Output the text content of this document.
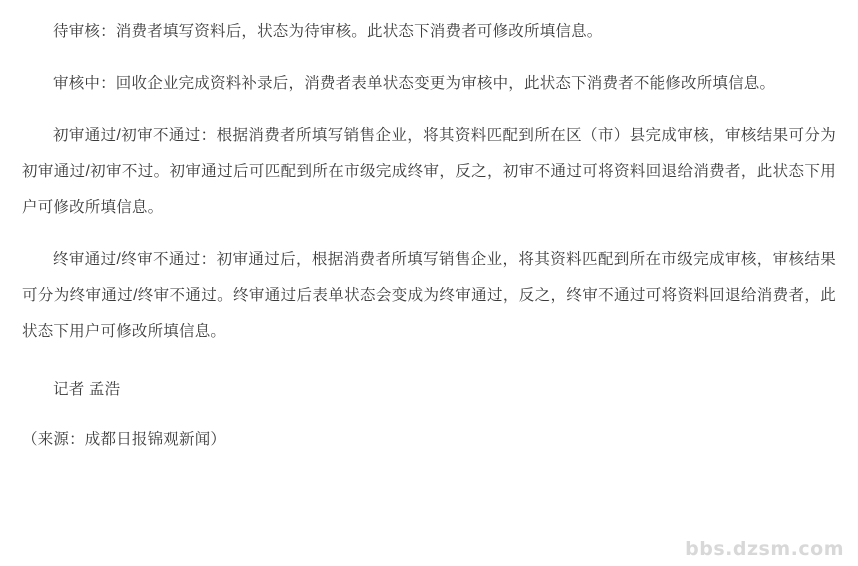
待审核：消费者填写资料后，状态为待审核。此状态下消费者可修改所填信息。

审核中：回收企业完成资料补录后，消费者表单状态变更为审核中，此状态下消费者不能修改所填信息。

初审通过/初审不通过：根据消费者所填写销售企业，将其资料匹配到所在区（市）县完成审核，审核结果可分为初审通过/初审不过。初审通过后可匹配到所在市级完成终审，反之，初审不通过可将资料回退给消费者，此状态下用户可修改所填信息。

终审通过/终审不通过：初审通过后，根据消费者所填写销售企业，将其资料匹配到所在市级完成审核，审核结果可分为终审通过/终审不通过。终审通过后表单状态会变成为终审通过，反之，终审不通过可将资料回退给消费者，此状态下用户可修改所填信息。

记者 孟浩

（来源：成都日报锦观新闻）

bbs.dzsm.com
